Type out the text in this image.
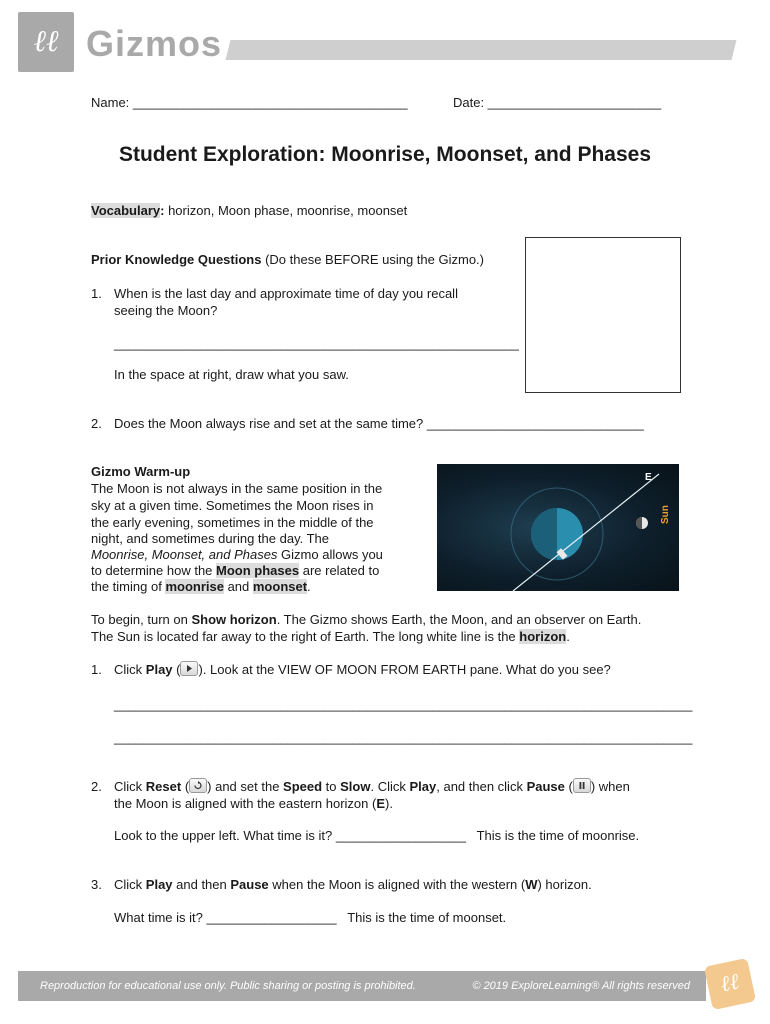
ℓℓ Gizmos
Name: ______________________________________	Date: ________________________
Student Exploration: Moonrise, Moonset, and Phases
Vocabulary: horizon, Moon phase, moonrise, moonset
Prior Knowledge Questions (Do these BEFORE using the Gizmo.)
1. When is the last day and approximate time of day you recall
seeing the Moon?
________________________________________________________
In the space at right, draw what you saw.
2. Does the Moon always rise and set at the same time? ______________________________
Gizmo Warm-up
The Moon is not always in the same position in the
sky at a given time. Sometimes the Moon rises in
the early evening, sometimes in the middle of the
night, and sometimes during the day. The
Moonrise, Moonset, and Phases Gizmo allows you
to determine how the Moon phases are related to
the timing of moonrise and moonset.
E
Sun
To begin, turn on Show horizon. The Gizmo shows Earth, the Moon, and an observer on Earth.
The Sun is located far away to the right of Earth. The long white line is the horizon.
1. Click Play ( ). Look at the VIEW OF MOON FROM EARTH pane. What do you see?
________________________________________________________________________________
________________________________________________________________________________
2. Click Reset ( ) and set the Speed to Slow. Click Play, and then click Pause ( ) when
the Moon is aligned with the eastern horizon (E).
Look to the upper left. What time is it? __________________   This is the time of moonrise.
3. Click Play and then Pause when the Moon is aligned with the western (W) horizon.
What time is it? __________________   This is the time of moonset.
Reproduction for educational use only. Public sharing or posting is prohibited.	© 2019 ExploreLearning® All rights reserved	ℓℓ
